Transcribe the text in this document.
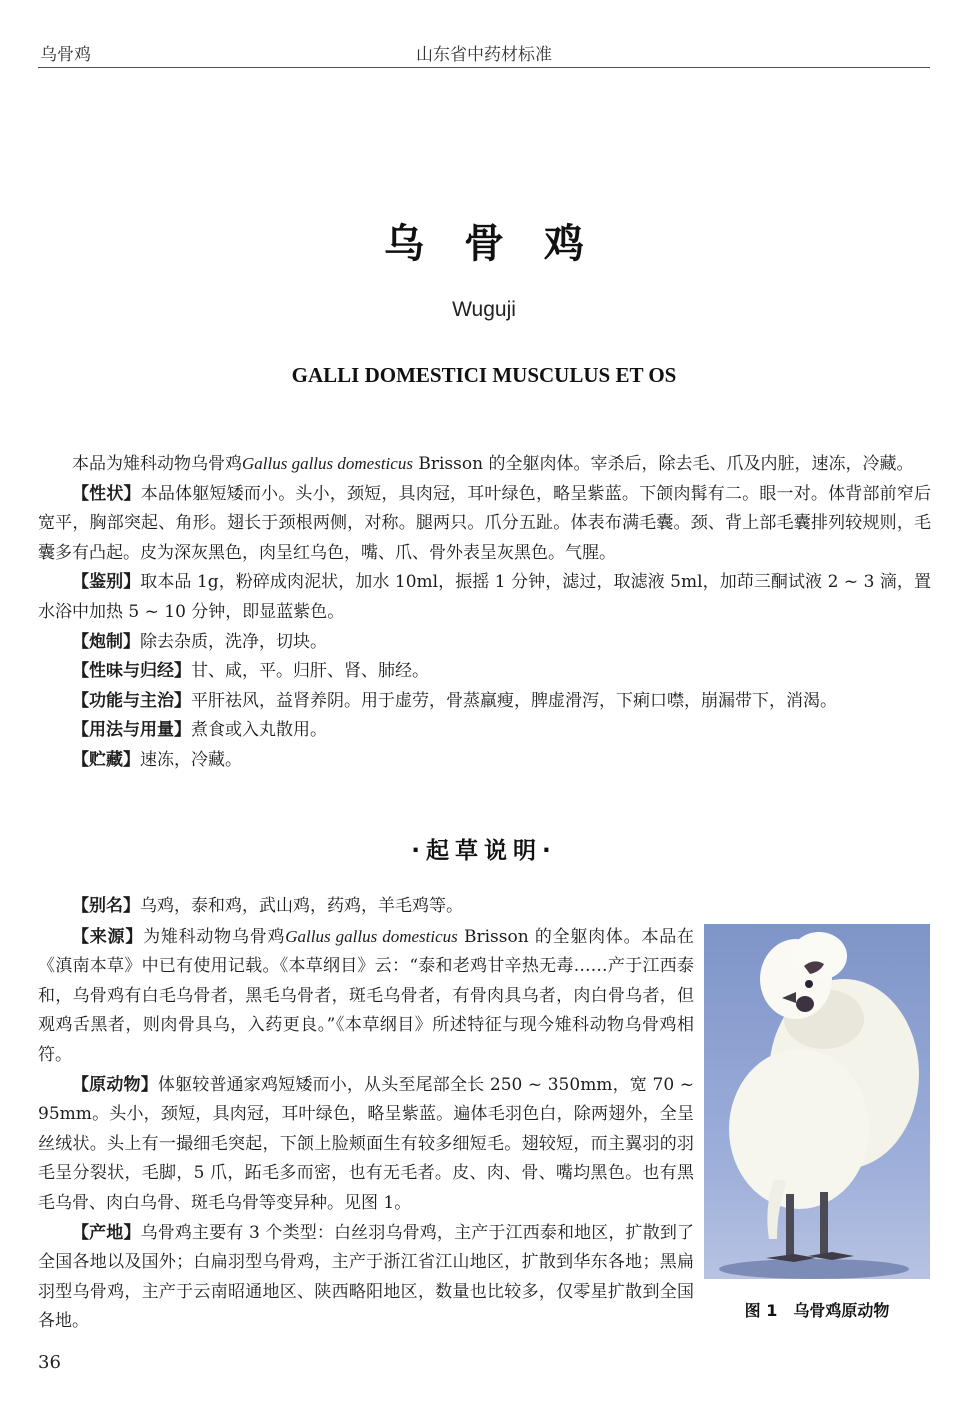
乌骨鸡	山东省中药材标准
乌骨鸡
Wuguji
GALLI DOMESTICI MUSCULUS ET OS

本品为雉科动物乌骨鸡Gallus gallus domesticus Brisson 的全躯肉体。宰杀后，除去毛、爪及内脏，速冻，冷藏。

【性状】本品体躯短矮而小。头小，颈短，具肉冠，耳叶绿色，略呈紫蓝。下颌肉髯有二。眼一对。体背部前窄后宽平，胸部突起、角形。翅长于颈根两侧，对称。腿两只。爪分五趾。体表布满毛囊。颈、背上部毛囊排列较规则，毛囊多有凸起。皮为深灰黑色，肉呈红乌色，嘴、爪、骨外表呈灰黑色。气腥。

【鉴别】取本品 1g，粉碎成肉泥状，加水 10ml，振摇 1 分钟，滤过，取滤液 5ml，加茚三酮试液 2 ~ 3 滴，置水浴中加热 5 ~ 10 分钟，即显蓝紫色。

【炮制】除去杂质，洗净，切块。

【性味与归经】甘、咸，平。归肝、肾、肺经。

【功能与主治】平肝祛风，益肾养阴。用于虚劳，骨蒸羸瘦，脾虚滑泻，下痢口噤，崩漏带下，消渴。

【用法与用量】煮食或入丸散用。

【贮藏】速冻，冷藏。

·起草说明·

【别名】乌鸡，泰和鸡，武山鸡，药鸡，羊毛鸡等。

【来源】为雉科动物乌骨鸡Gallus gallus domesticus Brisson 的全躯肉体。本品在《滇南本草》中已有使用记载。《本草纲目》云：“泰和老鸡甘辛热无毒……产于江西泰和，乌骨鸡有白毛乌骨者，黑毛乌骨者，斑毛乌骨者，有骨肉具乌者，肉白骨乌者，但观鸡舌黑者，则肉骨具乌，入药更良。”《本草纲目》所述特征与现今雉科动物乌骨鸡相符。

【原动物】体躯较普通家鸡短矮而小，从头至尾部全长 250 ~ 350mm，宽 70 ~ 95mm。头小，颈短，具肉冠，耳叶绿色，略呈紫蓝。遍体毛羽色白，除两翅外，全呈丝绒状。头上有一撮细毛突起，下颌上脸颊面生有较多细短毛。翅较短，而主翼羽的羽毛呈分裂状，毛脚，5 爪，跖毛多而密，也有无毛者。皮、肉、骨、嘴均黑色。也有黑毛乌骨、肉白乌骨、斑毛乌骨等变异种。见图 1。

【产地】乌骨鸡主要有 3 个类型：白丝羽乌骨鸡，主产于江西泰和地区，扩散到了全国各地以及国外；白扁羽型乌骨鸡，主产于浙江省江山地区，扩散到华东各地；黑扁羽型乌骨鸡，主产于云南昭通地区、陕西略阳地区，数量也比较多，仅零星扩散到全国各地。

图 1　乌骨鸡原动物
36
